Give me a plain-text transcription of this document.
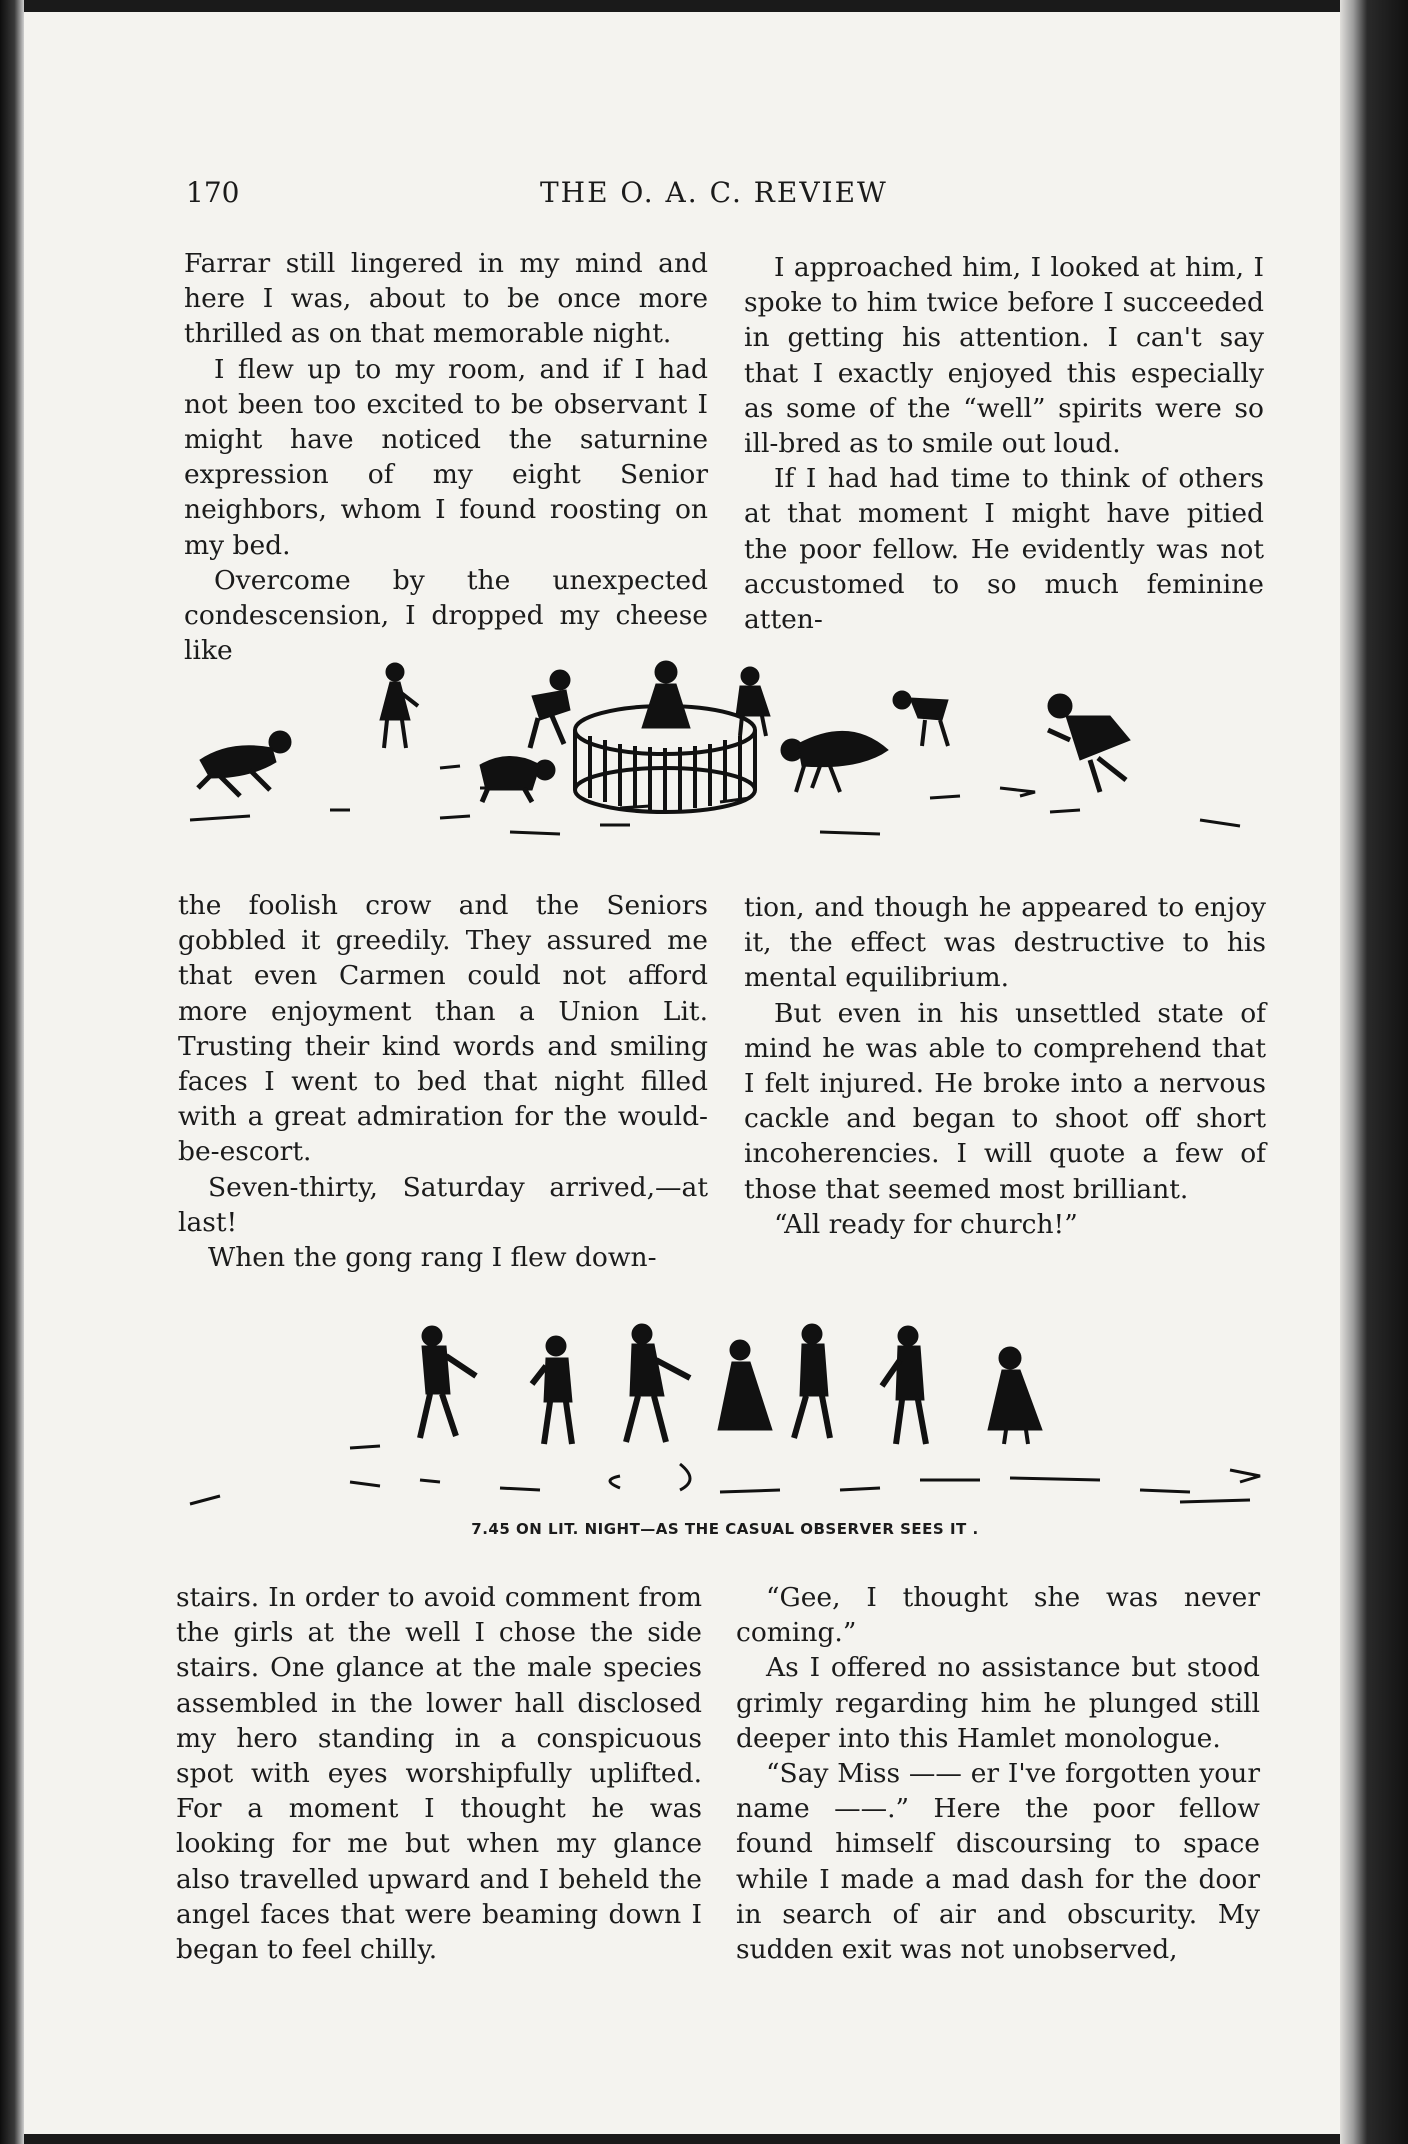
170	THE O. A. C. REVIEW

Farrar still lingered in my mind and here I was, about to be once more thrilled as on that memorable night.

I flew up to my room, and if I had not been too excited to be observant I might have noticed the saturnine expression of my eight Senior neighbors, whom I found roosting on my bed.

Overcome by the unexpected condescension, I dropped my cheese like

I approached him, I looked at him, I spoke to him twice before I succeeded in getting his attention. I can't say that I exactly enjoyed this especially as some of the “well” spirits were so ill-bred as to smile out loud.

If I had had time to think of others at that moment I might have pitied the poor fellow. He evidently was not accustomed to so much feminine atten-

the foolish crow and the Seniors gobbled it greedily. They assured me that even Carmen could not afford more enjoyment than a Union Lit. Trusting their kind words and smiling faces I went to bed that night filled with a great admiration for the would-be-escort.

Seven-thirty, Saturday arrived,—at last!

When the gong rang I flew down-

tion, and though he appeared to enjoy it, the effect was destructive to his mental equilibrium.

But even in his unsettled state of mind he was able to comprehend that I felt injured. He broke into a nervous cackle and began to shoot off short incoherencies. I will quote a few of those that seemed most brilliant.

“All ready for church!”

7.45 ON LIT. NIGHT—AS THE CASUAL OBSERVER SEES IT .

stairs. In order to avoid comment from the girls at the well I chose the side stairs. One glance at the male species assembled in the lower hall disclosed my hero standing in a conspicuous spot with eyes worshipfully uplifted. For a moment I thought he was looking for me but when my glance also travelled upward and I beheld the angel faces that were beaming down I began to feel chilly.

“Gee, I thought she was never coming.”

As I offered no assistance but stood grimly regarding him he plunged still deeper into this Hamlet monologue.

“Say Miss —— er I've forgotten your name ——.” Here the poor fellow found himself discoursing to space while I made a mad dash for the door in search of air and obscurity. My sudden exit was not unobserved,
